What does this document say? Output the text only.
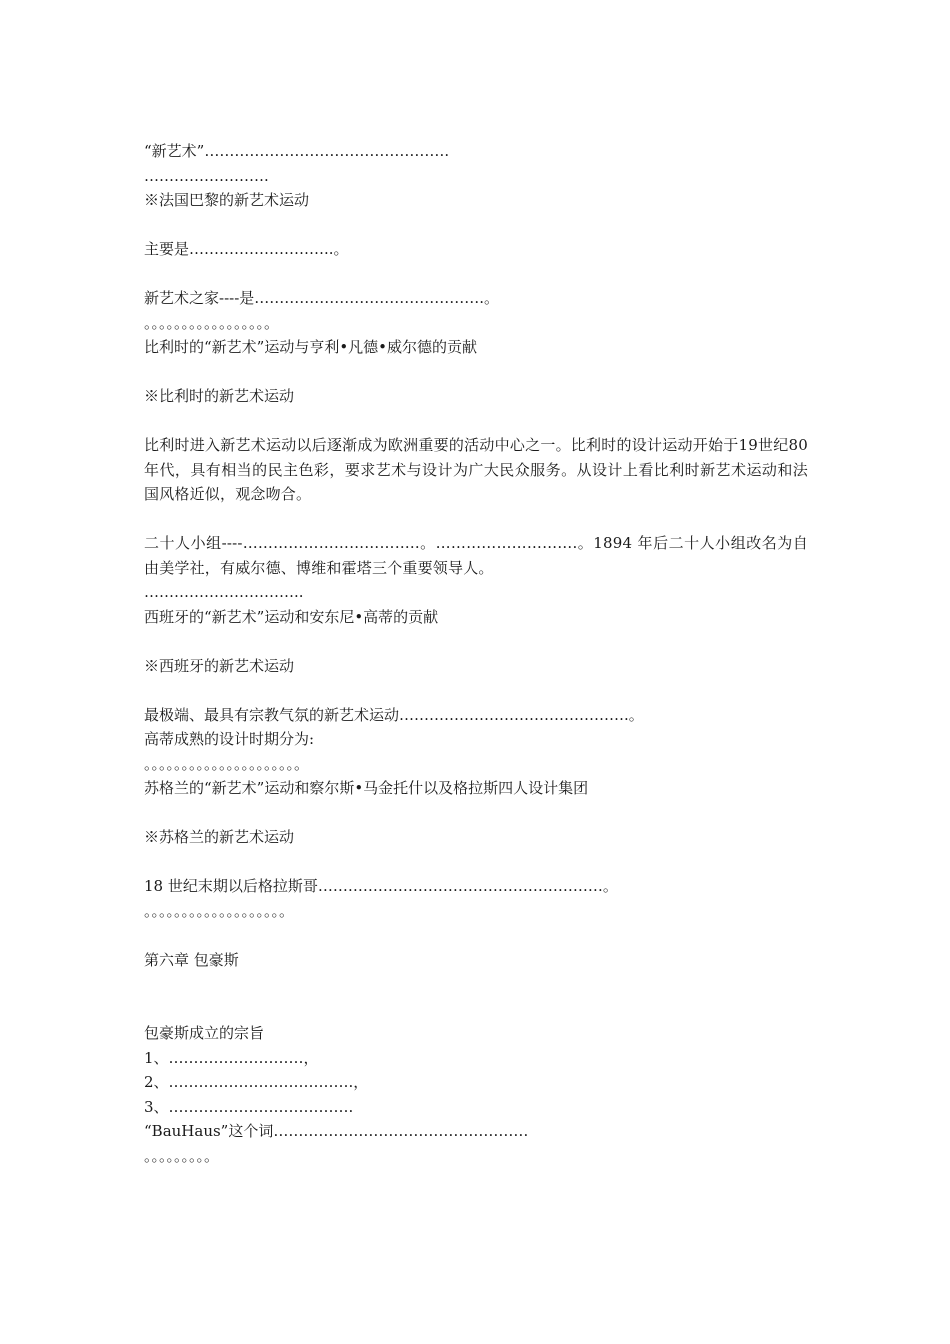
“新艺术”………………………………………….
…………………….
※法国巴黎的新艺术运动
主要是………………………..。
新艺术之家----是……………………………………….。
。。。。。。。。。。。。。。。。。
比利时的“新艺术”运动与亨利•凡德•威尔德的贡献
※比利时的新艺术运动
比利时进入新艺术运动以后逐渐成为欧洲重要的活动中心之一。比利时的设计运动开始于19世纪80年代，具有相当的民主色彩，要求艺术与设计为广大民众服务。从设计上看比利时新艺术运动和法国风格近似，观念吻合。
二十人小组----……………………………..。……………………….。1894 年后二十人小组改名为自由美学社，有威尔德、博维和霍塔三个重要领导人。
…………………………..
西班牙的“新艺术”运动和安东尼•高蒂的贡献
※西班牙的新艺术运动
最极端、最具有宗教气氛的新艺术运动……………………………………….。
高蒂成熟的设计时期分为:
。。。。。。。。。。。。。。。。。。。。。
苏格兰的“新艺术”运动和察尔斯•马金托什以及格拉斯四人设计集团
※苏格兰的新艺术运动
18 世纪末期以后格拉斯哥…………………………………………………。
。。。。。。。。。。。。。。。。。。。
第六章 包豪斯
包豪斯成立的宗旨
1、………………………，
2、……………………………….，
3、……………………………….
“BauHaus”这个词……………………………………………
。。。。。。。。。
